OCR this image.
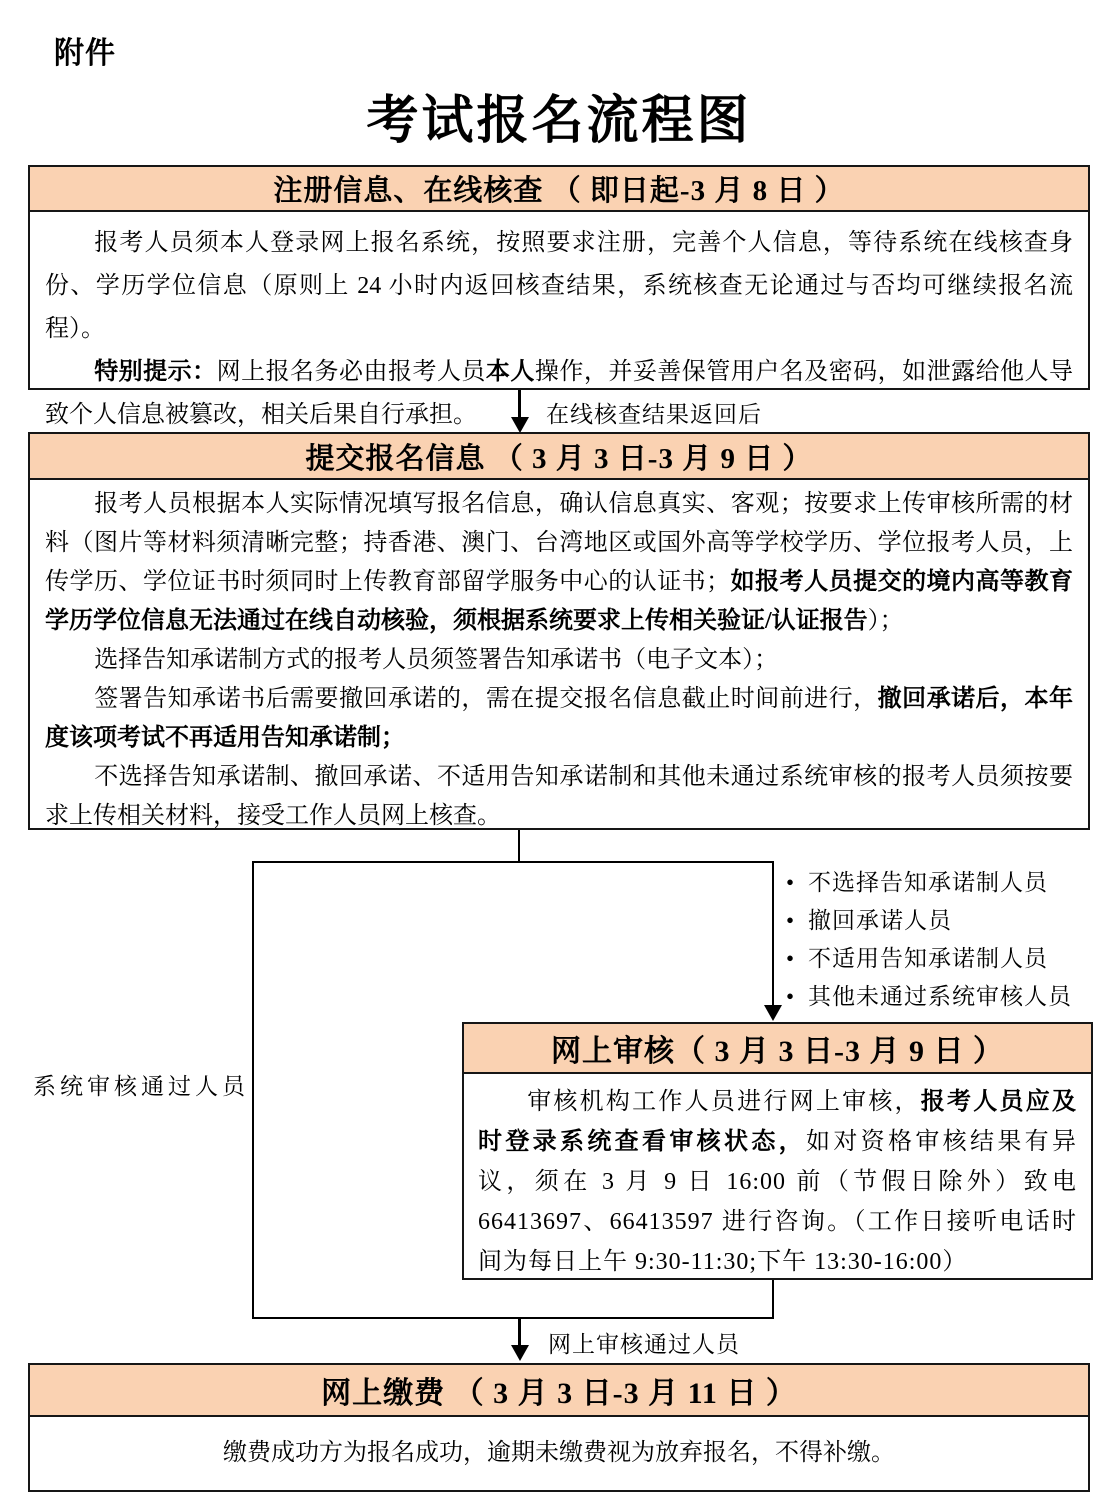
附件
考试报名流程图
注册信息、在线核查 （ 即日起-3 月 8 日 ）

报考人员须本人登录网上报名系统，按照要求注册，完善个人信息，等待系统在线核查身份、学历学位信息（原则上 24 小时内返回核查结果，系统核查无论通过与否均可继续报名流程）。

特别提示：网上报名务必由报考人员本人操作，并妥善保管用户名及密码，如泄露给他人导致个人信息被篡改，相关后果自行承担。	在线核查结果返回后
提交报名信息 （ 3 月 3 日-3 月 9 日 ）

报考人员根据本人实际情况填写报名信息，确认信息真实、客观；按要求上传审核所需的材料（图片等材料须清晰完整；持香港、澳门、台湾地区或国外高等学校学历、学位报考人员，上传学历、学位证书时须同时上传教育部留学服务中心的认证书；如报考人员提交的境内高等教育学历学位信息无法通过在线自动核验，须根据系统要求上传相关验证/认证报告）；

选择告知承诺制方式的报考人员须签署告知承诺书（电子文本）；

签署告知承诺书后需要撤回承诺的，需在提交报名信息截止时间前进行，撤回承诺后，本年度该项考试不再适用告知承诺制；

不选择告知承诺制、撤回承诺、不适用告知承诺制和其他未通过系统审核的报考人员须按要求上传相关材料，接受工作人员网上核查。

• 不选择告知承诺制人员
• 撤回承诺人员
• 不适用告知承诺制人员
• 其他未通过系统审核人员
系统审核通过人员
网上审核（ 3 月 3 日-3 月 9 日 ）

审核机构工作人员进行网上审核，报考人员应及时登录系统查看审核状态，如对资格审核结果有异议，须在 3 月 9 日 16:00 前（节假日除外）致电 66413697、66413597 进行咨询。（工作日接听电话时间为每日上午 9:30-11:30;下午 13:30-16:00）

网上审核通过人员
网上缴费 （ 3 月 3 日-3 月 11 日 ）

缴费成功方为报名成功，逾期未缴费视为放弃报名，不得补缴。
